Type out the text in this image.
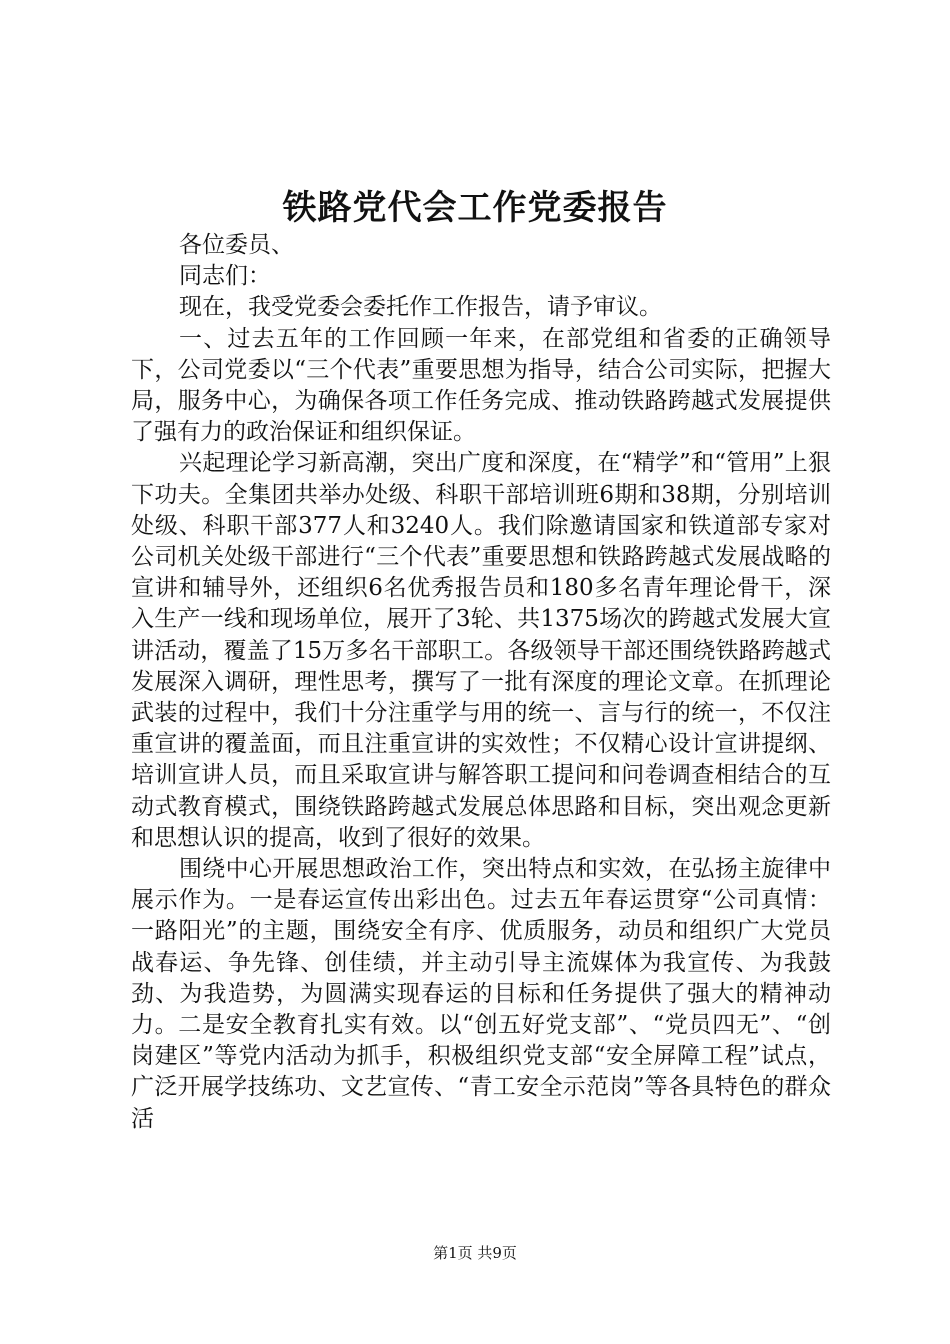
铁路党代会工作党委报告

各位委员、

同志们：

现在，我受党委会委托作工作报告，请予审议。

一、过去五年的工作回顾一年来，在部党组和省委的正确领导下，公司党委以“三个代表”重要思想为指导，结合公司实际，把握大局，服务中心，为确保各项工作任务完成、推动铁路跨越式发展提供了强有力的政治保证和组织保证。

兴起理论学习新高潮，突出广度和深度，在“精学”和“管用”上狠下功夫。全集团共举办处级、科职干部培训班6期和38期，分别培训处级、科职干部377人和3240人。我们除邀请国家和铁道部专家对公司机关处级干部进行“三个代表”重要思想和铁路跨越式发展战略的宣讲和辅导外，还组织6名优秀报告员和180多名青年理论骨干，深入生产一线和现场单位，展开了3轮、共1375场次的跨越式发展大宣讲活动，覆盖了15万多名干部职工。各级领导干部还围绕铁路跨越式发展深入调研，理性思考，撰写了一批有深度的理论文章。在抓理论武装的过程中，我们十分注重学与用的统一、言与行的统一，不仅注重宣讲的覆盖面，而且注重宣讲的实效性；不仅精心设计宣讲提纲、培训宣讲人员，而且采取宣讲与解答职工提问和问卷调查相结合的互动式教育模式，围绕铁路跨越式发展总体思路和目标，突出观念更新和思想认识的提高，收到了很好的效果。

围绕中心开展思想政治工作，突出特点和实效，在弘扬主旋律中展示作为。一是春运宣传出彩出色。过去五年春运贯穿“公司真情：一路阳光”的主题，围绕安全有序、优质服务，动员和组织广大党员战春运、争先锋、创佳绩，并主动引导主流媒体为我宣传、为我鼓劲、为我造势，为圆满实现春运的目标和任务提供了强大的精神动力。二是安全教育扎实有效。以“创五好党支部”、“党员四无”、“创岗建区”等党内活动为抓手，积极组织党支部“安全屏障工程”试点，广泛开展学技练功、文艺宣传、“青工安全示范岗”等各具特色的群众活

第1页 共9页
